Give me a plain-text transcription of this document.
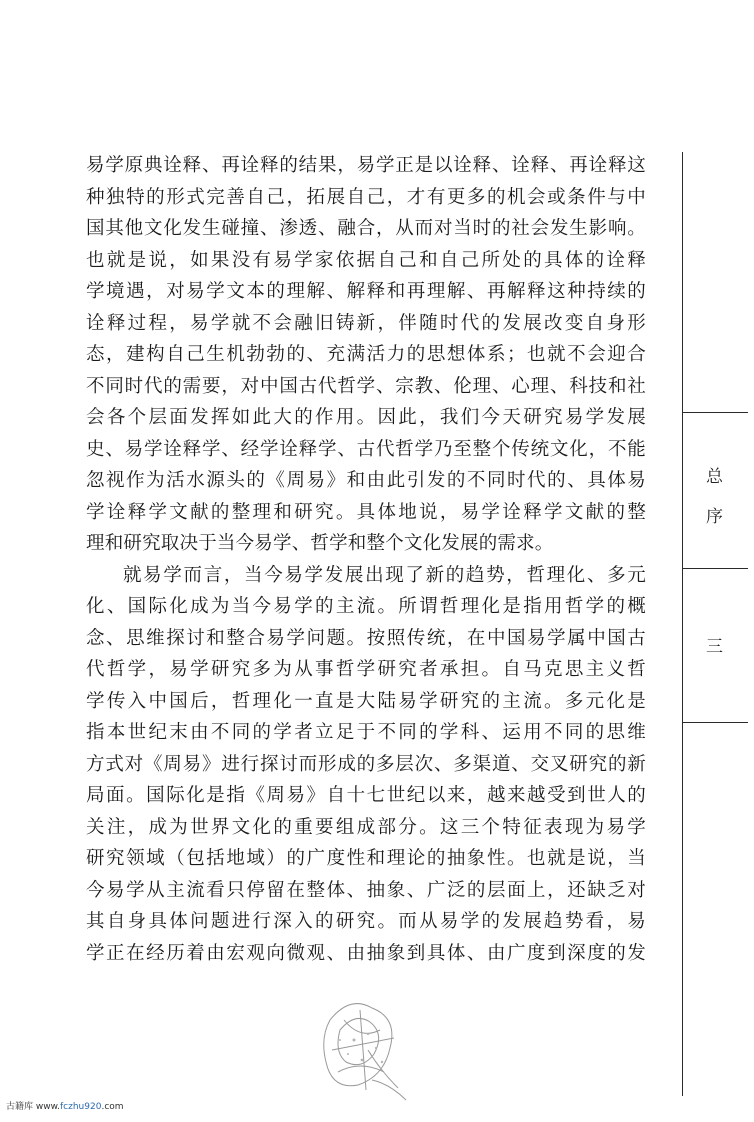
易学原典诠释、再诠释的结果，易学正是以诠释、诠释、再诠释这
种独特的形式完善自己，拓展自己，才有更多的机会或条件与中
国其他文化发生碰撞、渗透、融合，从而对当时的社会发生影响。
也就是说，如果没有易学家依据自己和自己所处的具体的诠释
学境遇，对易学文本的理解、解释和再理解、再解释这种持续的
诠释过程，易学就不会融旧铸新，伴随时代的发展改变自身形
态，建构自己生机勃勃的、充满活力的思想体系；也就不会迎合
不同时代的需要，对中国古代哲学、宗教、伦理、心理、科技和社
会各个层面发挥如此大的作用。因此，我们今天研究易学发展
史、易学诠释学、经学诠释学、古代哲学乃至整个传统文化，不能
忽视作为活水源头的《周易》和由此引发的不同时代的、具体易
学诠释学文献的整理和研究。具体地说，易学诠释学文献的整
理和研究取决于当今易学、哲学和整个文化发展的需求。
就易学而言，当今易学发展出现了新的趋势，哲理化、多元
化、国际化成为当今易学的主流。所谓哲理化是指用哲学的概
念、思维探讨和整合易学问题。按照传统，在中国易学属中国古
代哲学，易学研究多为从事哲学研究者承担。自马克思主义哲
学传入中国后，哲理化一直是大陆易学研究的主流。多元化是
指本世纪末由不同的学者立足于不同的学科、运用不同的思维
方式对《周易》进行探讨而形成的多层次、多渠道、交叉研究的新
局面。国际化是指《周易》自十七世纪以来，越来越受到世人的
关注，成为世界文化的重要组成部分。这三个特征表现为易学
研究领域（包括地域）的广度性和理论的抽象性。也就是说，当
今易学从主流看只停留在整体、抽象、广泛的层面上，还缺乏对
其自身具体问题进行深入的研究。而从易学的发展趋势看，易
学正在经历着由宏观向微观、由抽象到具体、由广度到深度的发
总
序
三
古籍库 www.fczhu920.com
